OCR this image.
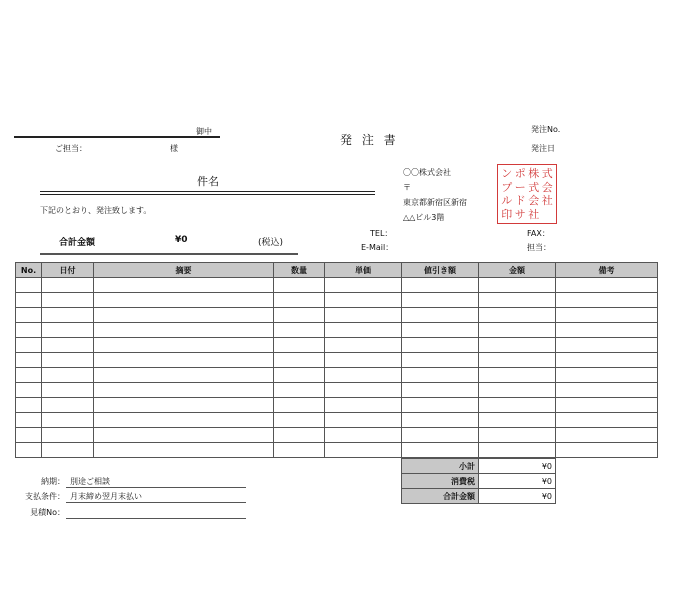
御中
ご担当：	様
発 注 書
発注No.
発注日
件名
下記のとおり、発注致します。
合計金額	¥0	(税込)
〇〇株式会社
〒
東京都新宿区新宿
△△ビル3階
TEL：
E-Mail：
FAX：
担当：
ン ポ 株 式
プ ー 式 会
ル ド 会 社
印 サ 社
No.	日付	摘要	数量	単価	値引き額	金額	備考

小計	¥0
消費税	¥0
合計金額	¥0
納期： 別途ご相談
支払条件： 月末締め翌月末払い
見積No：
